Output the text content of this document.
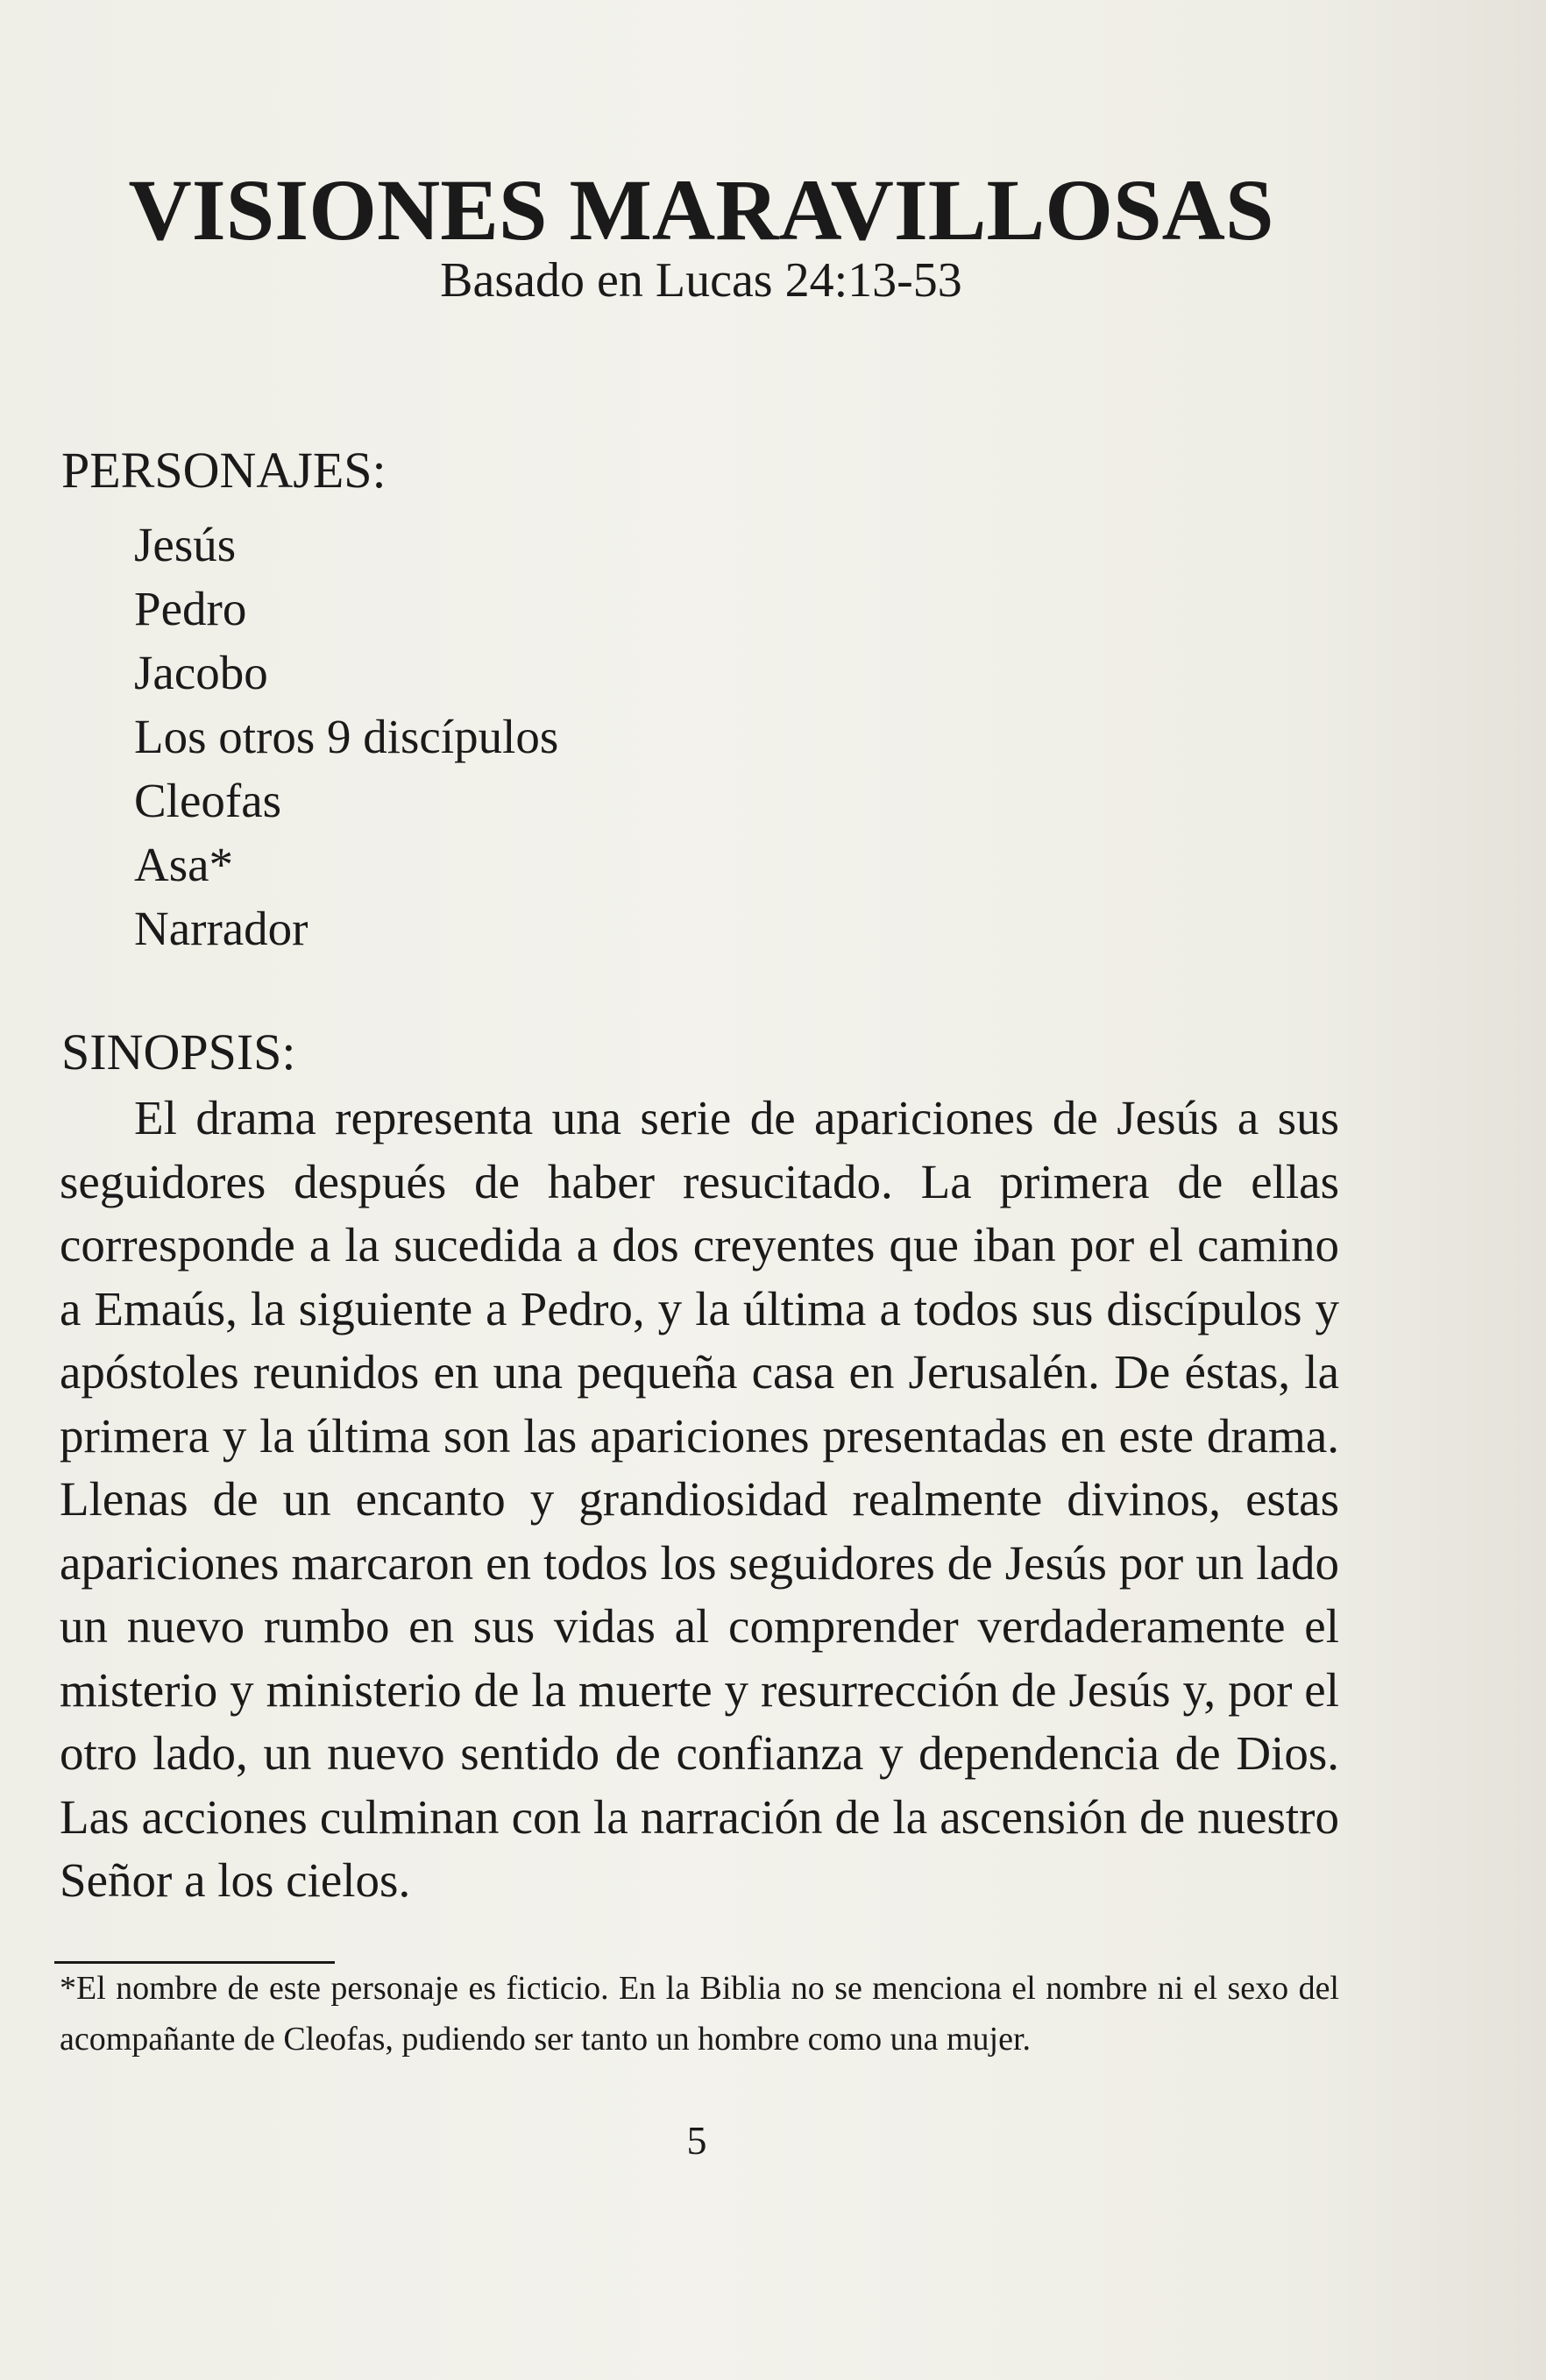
VISIONES MARAVILLOSAS
Basado en Lucas 24:13-53
PERSONAJES:
Jesús
Pedro
Jacobo
Los otros 9 discípulos
Cleofas
Asa*
Narrador
SINOPSIS:

El drama representa una serie de apariciones de Jesús a sus seguidores después de haber resucitado. La primera de ellas corresponde a la sucedida a dos creyentes que iban por el camino a Emaús, la siguiente a Pedro, y la última a todos sus discípulos y apóstoles reunidos en una pequeña casa en Jerusalén. De éstas, la primera y la última son las apariciones presentadas en este drama. Llenas de un encanto y grandiosidad realmente divinos, estas apariciones marcaron en todos los seguidores de Jesús por un lado un nuevo rumbo en sus vidas al comprender verdaderamente el misterio y ministerio de la muerte y resurrección de Jesús y, por el otro lado, un nuevo sentido de confianza y dependencia de Dios. Las acciones culminan con la narración de la ascensión de nuestro Señor a los cielos.

*El nombre de este personaje es ficticio. En la Biblia no se menciona el nombre ni el sexo del acompañante de Cleofas, pudiendo ser tanto un hombre como una mujer.

5
